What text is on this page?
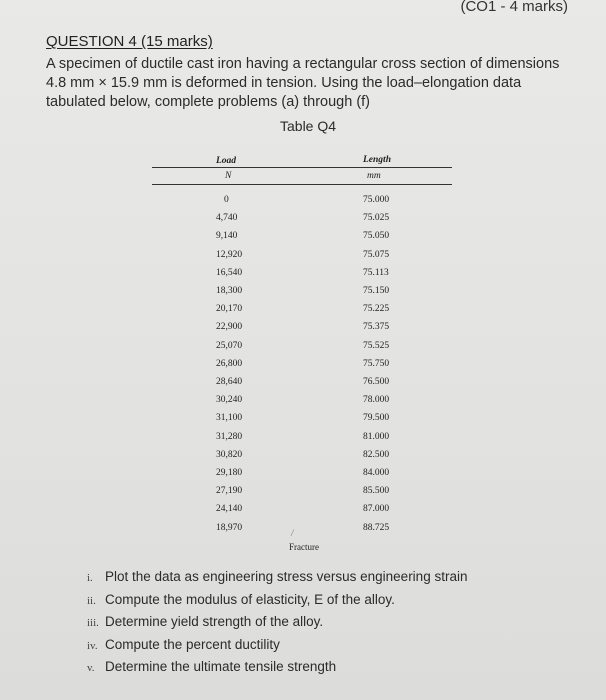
(CO1 - 4 marks)
QUESTION 4 (15 marks)
A specimen of ductile cast iron having a rectangular cross section of dimensions 4.8 mm × 15.9 mm is deformed in tension. Using the load–elongation data tabulated below, complete problems (a) through (f)
Table Q4
Load	Length
N	mm
0	75.000
4,740	75.025
9,140	75.050
12,920	75.075
16,540	75.113
18,300	75.150
20,170	75.225
22,900	75.375
25,070	75.525
26,800	75.750
28,640	76.500
30,240	78.000
31,100	79.500
31,280	81.000
30,820	82.500
29,180	84.000
27,190	85.500
24,140	87.000
18,970	88.725
/
Fracture
i. Plot the data as engineering stress versus engineering strain
ii. Compute the modulus of elasticity, E of the alloy.
iii. Determine yield strength of the alloy.
iv. Compute the percent ductility
v. Determine the ultimate tensile strength
